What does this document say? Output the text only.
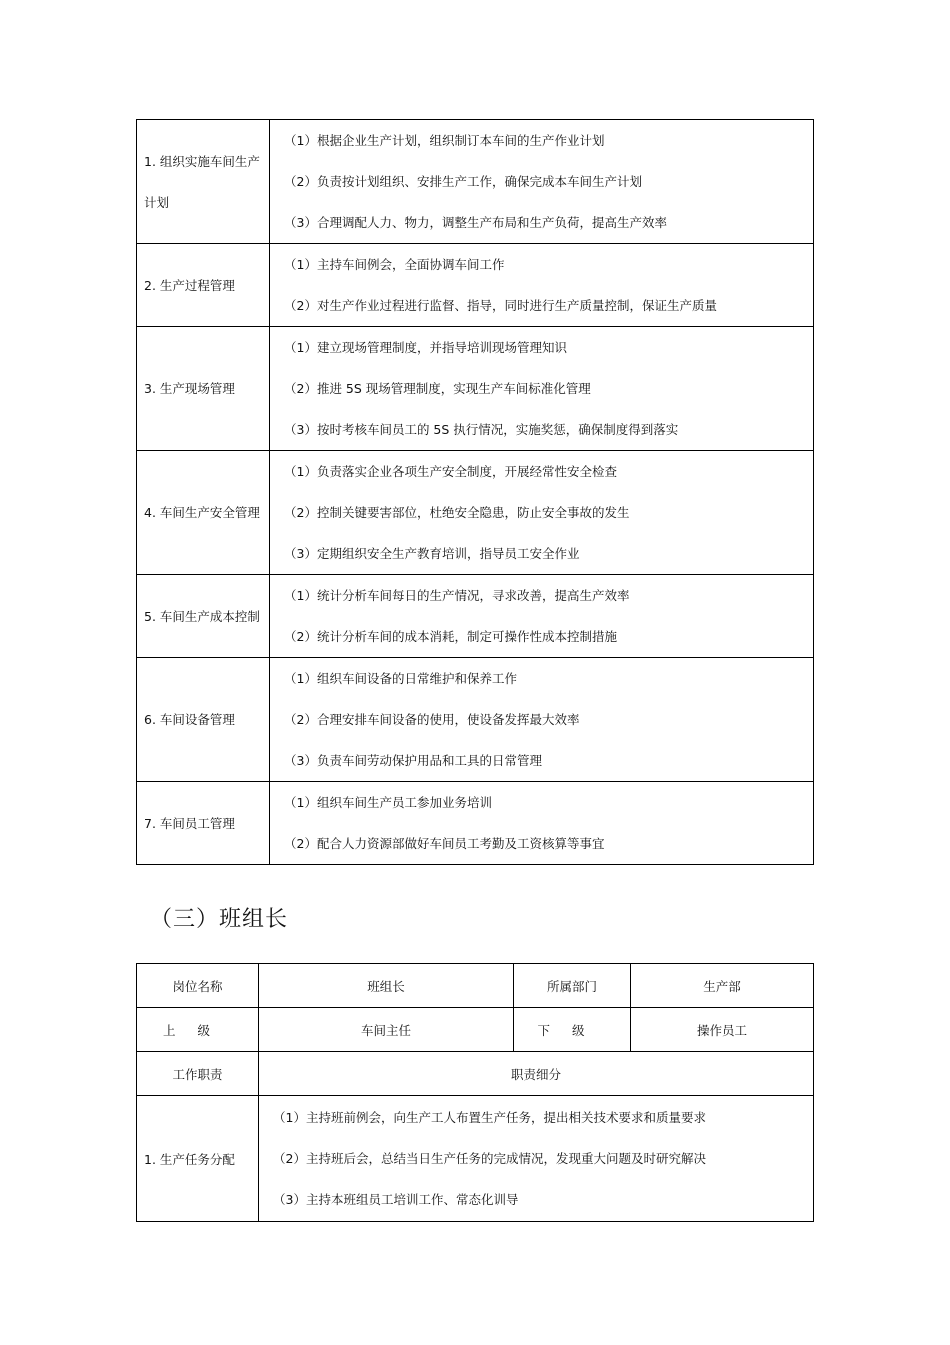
1. 组织实施车间生产计划	（1）根据企业生产计划，组织制订本车间的生产作业计划
（2）负责按计划组织、安排生产工作，确保完成本车间生产计划
（3）合理调配人力、物力，调整生产布局和生产负荷，提高生产效率

2. 生产过程管理	（1）主持车间例会，全面协调车间工作
（2）对生产作业过程进行监督、指导，同时进行生产质量控制，保证生产质量

3. 生产现场管理	（1）建立现场管理制度，并指导培训现场管理知识
（2）推进 5S 现场管理制度，实现生产车间标准化管理
（3）按时考核车间员工的 5S 执行情况，实施奖惩，确保制度得到落实

4. 车间生产安全管理	（1）负责落实企业各项生产安全制度，开展经常性安全检查
（2）控制关键要害部位，杜绝安全隐患，防止安全事故的发生
（3）定期组织安全生产教育培训，指导员工安全作业

5. 车间生产成本控制	（1）统计分析车间每日的生产情况，寻求改善，提高生产效率
（2）统计分析车间的成本消耗，制定可操作性成本控制措施

6. 车间设备管理	（1）组织车间设备的日常维护和保养工作
（2）合理安排车间设备的使用，使设备发挥最大效率
（3）负责车间劳动保护用品和工具的日常管理

7. 车间员工管理	（1）组织车间生产员工参加业务培训
（2）配合人力资源部做好车间员工考勤及工资核算等事宜
（三）班组长
岗位名称	班组长	所属部门	生产部
上级	车间主任	下级	操作员工
工作职责	职责细分		
1. 生产任务分配	（1）主持班前例会，向生产工人布置生产任务，提出相关技术要求和质量要求
（2）主持班后会，总结当日生产任务的完成情况，发现重大问题及时研究解决
（3）主持本班组员工培训工作、常态化训导		
